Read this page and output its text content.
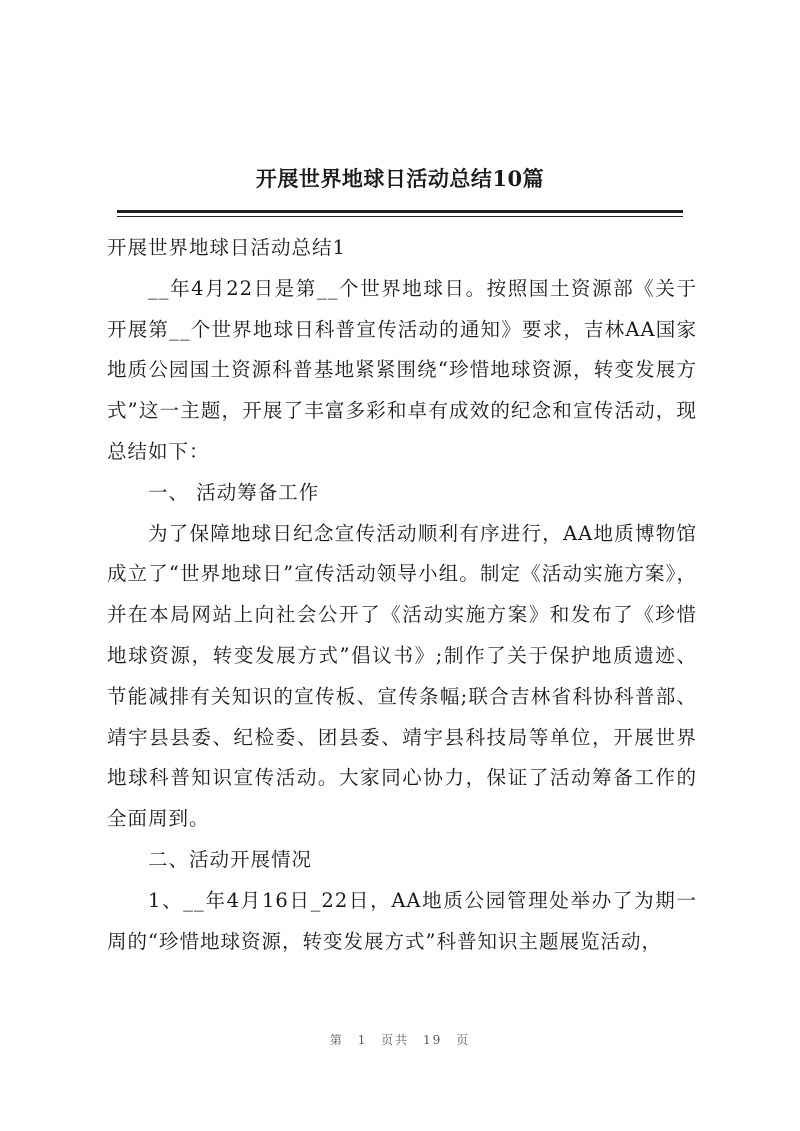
开展世界地球日活动总结10篇

开展世界地球日活动总结1

__年4月22日是第__个世界地球日。按照国土资源部《关于开展第__个世界地球日科普宣传活动的通知》要求，吉林AA国家地质公园国土资源科普基地紧紧围绕“珍惜地球资源，转变发展方式”这一主题，开展了丰富多彩和卓有成效的纪念和宣传活动，现总结如下：

一、 活动筹备工作

为了保障地球日纪念宣传活动顺利有序进行，AA地质博物馆成立了“世界地球日”宣传活动领导小组。制定《活动实施方案》，并在本局网站上向社会公开了《活动实施方案》和发布了《珍惜地球资源，转变发展方式”倡议书》;制作了关于保护地质遗迹、节能减排有关知识的宣传板、宣传条幅;联合吉林省科协科普部、靖宇县县委、纪检委、团县委、靖宇县科技局等单位，开展世界地球科普知识宣传活动。大家同心协力，保证了活动筹备工作的全面周到。

二、活动开展情况

1、__年4月16日_22日，AA地质公园管理处举办了为期一周的“珍惜地球资源，转变发展方式”科普知识主题展览活动，

第 1 页共 19 页
